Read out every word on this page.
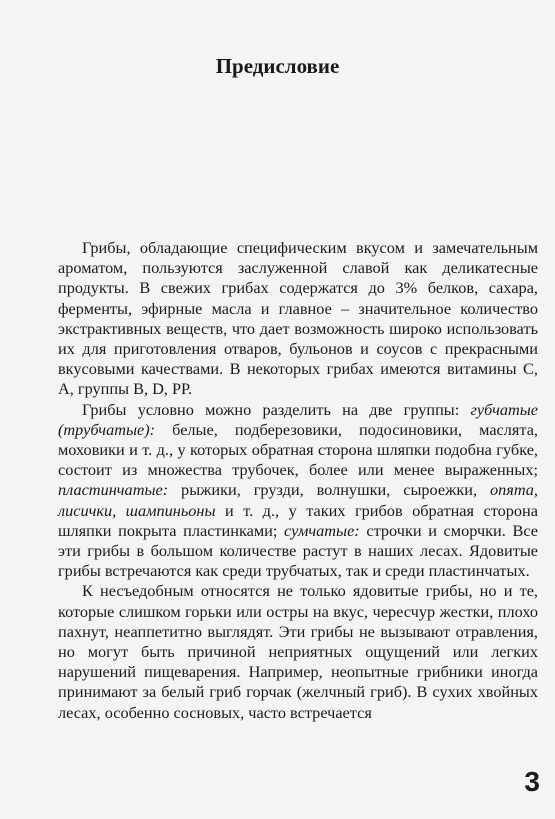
Предисловие

Грибы, обладающие специфическим вкусом и замечательным ароматом, пользуются заслуженной славой как деликатесные продукты. В свежих грибах содержатся до 3% белков, сахара, ферменты, эфирные масла и главное – значительное количество экстрактивных веществ, что дает возможность широко использовать их для приготовления отваров, бульонов и соусов с прекрасными вкусовыми качествами. В некоторых грибах имеются витамины С, А, группы В, D, РР.

Грибы условно можно разделить на две группы: губчатые (трубчатые): белые, подберезовики, подосиновики, маслята, моховики и т. д., у которых обратная сторона шляпки подобна губке, состоит из множества трубочек, более или менее выраженных; пластинчатые: рыжики, грузди, волнушки, сыроежки, опята, лисички, шампиньоны и т. д., у таких грибов обратная сторона шляпки покрыта пластинками; сумчатые: строчки и сморчки. Все эти грибы в большом количестве растут в наших лесах. Ядовитые грибы встречаются как среди трубчатых, так и среди пластинчатых.

К несъедобным относятся не только ядовитые грибы, но и те, которые слишком горьки или остры на вкус, чересчур жестки, плохо пахнут, неаппетитно выглядят. Эти грибы не вызывают отравления, но могут быть причиной неприятных ощущений или легких нарушений пищеварения. Например, неопытные грибники иногда принимают за белый гриб горчак (желчный гриб). В сухих хвойных лесах, особенно сосновых, часто встречается

3
